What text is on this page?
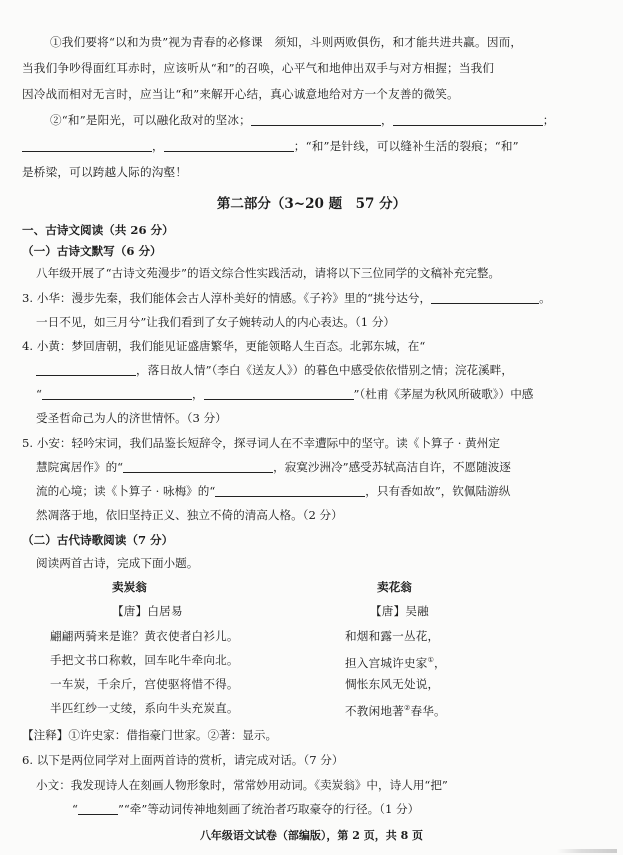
①我们要将“以和为贵”视为青春的必修课　须知，斗则两败俱伤，和才能共进共赢。因而，
当我们争吵得面红耳赤时，应该听从“和”的召唤，心平气和地伸出双手与对方相握；当我们
因冷战而相对无言时，应当让“和”来解开心结，真心诚意地给对方一个友善的微笑。
②“和”是阳光，可以融化敌对的坚冰；	，	；
，	；“和”是针线，可以缝补生活的裂痕；“和”
是桥梁，可以跨越人际的沟壑！
第二部分（3~20 题　57 分）
一、古诗文阅读（共 26 分）
（一）古诗文默写（6 分）
八年级开展了“古诗文苑漫步”的语文综合性实践活动，请将以下三位同学的文稿补充完整。
3. 小华：漫步先秦，我们能体会古人淳朴美好的情感。《子衿》里的“挑兮达兮，	。
一日不见，如三月兮”让我们看到了女子婉转动人的内心表达。（1 分）
4. 小黄：梦回唐朝，我们能见证盛唐繁华，更能领略人生百态。北郭东城，在“
，落日故人情”（李白《送友人》）的暮色中感受依依惜别之情；浣花溪畔，
“	，	”（杜甫《茅屋为秋风所破歌》）中感
受圣哲命己为人的济世情怀。（3 分）
5. 小安：轻吟宋词，我们品鉴长短辞令，探寻词人在不幸遭际中的坚守。读《卜算子 · 黄州定
慧院寓居作》的“	，寂寞沙洲冷”感受苏轼高洁自许，不愿随波逐
流的心境；读《卜算子 · 咏梅》的“	，只有香如故”，钦佩陆游纵
然凋落于地，依旧坚持正义、独立不倚的清高人格。（2 分）
（二）古代诗歌阅读（7 分）
阅读两首古诗，完成下面小题。
卖炭翁
【唐】白居易
翩翩两骑来是谁？黄衣使者白衫儿。
手把文书口称敕，回车叱牛牵向北。
一车炭，千余斤，宫使驱将惜不得。
半匹红纱一丈绫，系向牛头充炭直。
卖花翁
【唐】吴融
和烟和露一丛花，
担入宫城许史家①，
惆怅东风无处说，
不教闲地著②春华。
【注释】①许史家：借指豪门世家。②著：显示。
6. 以下是两位同学对上面两首诗的赏析，请完成对话。（7 分）
小文：我发现诗人在刻画人物形象时，常常妙用动词。《卖炭翁》中，诗人用“把”
“	”“牵”等动词传神地刻画了统治者巧取豪夺的行径。（1 分）
八年级语文试卷（部编版），第 2 页，共 8 页
